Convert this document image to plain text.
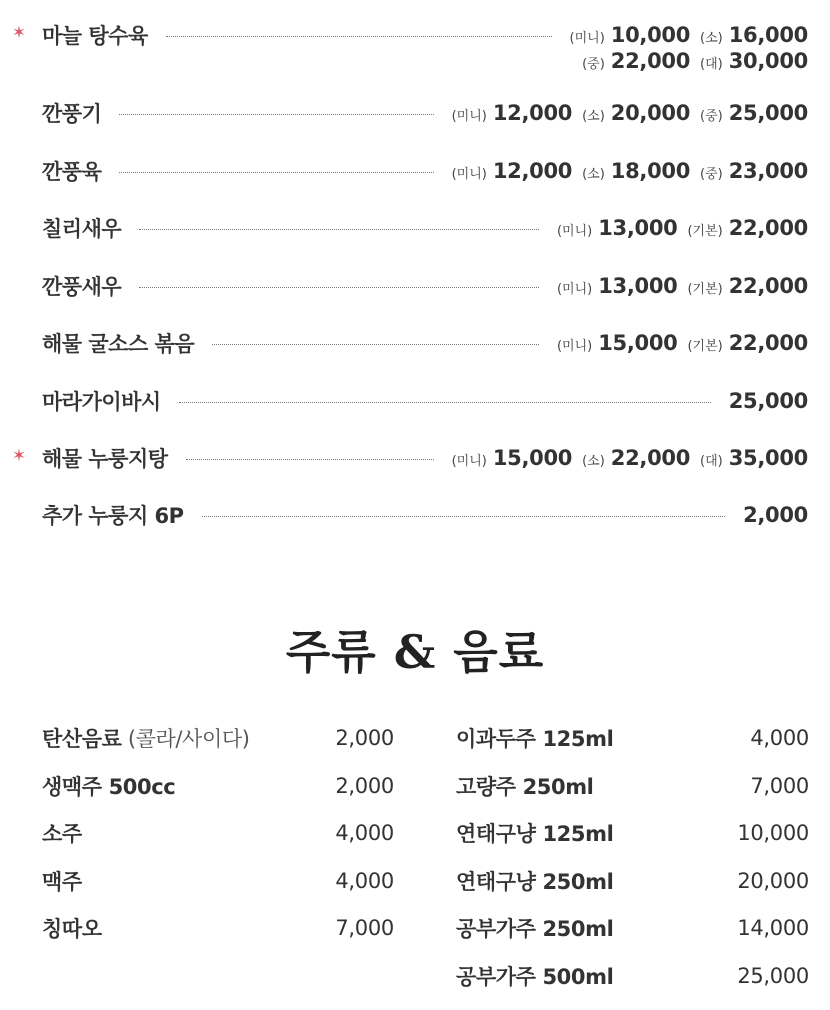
✶ 마늘 탕수육	(미니) 10,000 (소) 16,000
(중) 22,000 (대) 30,000
깐풍기	(미니) 12,000 (소) 20,000 (중) 25,000
깐풍육	(미니) 12,000 (소) 18,000 (중) 23,000
칠리새우	(미니) 13,000 (기본) 22,000
깐풍새우	(미니) 13,000 (기본) 22,000
해물 굴소스 볶음	(미니) 15,000 (기본) 22,000
마라가이바시	25,000
✶ 해물 누룽지탕	(미니) 15,000 (소) 22,000 (대) 35,000
추가 누룽지 6P	2,000
주류 & 음료
탄산음료 (콜라/사이다)	2,000
생맥주 500cc	2,000
소주	4,000
맥주	4,000
칭따오	7,000
이과두주 125ml	4,000
고량주 250ml	7,000
연태구냥 125ml	10,000
연태구냥 250ml	20,000
공부가주 250ml	14,000
공부가주 500ml	25,000
